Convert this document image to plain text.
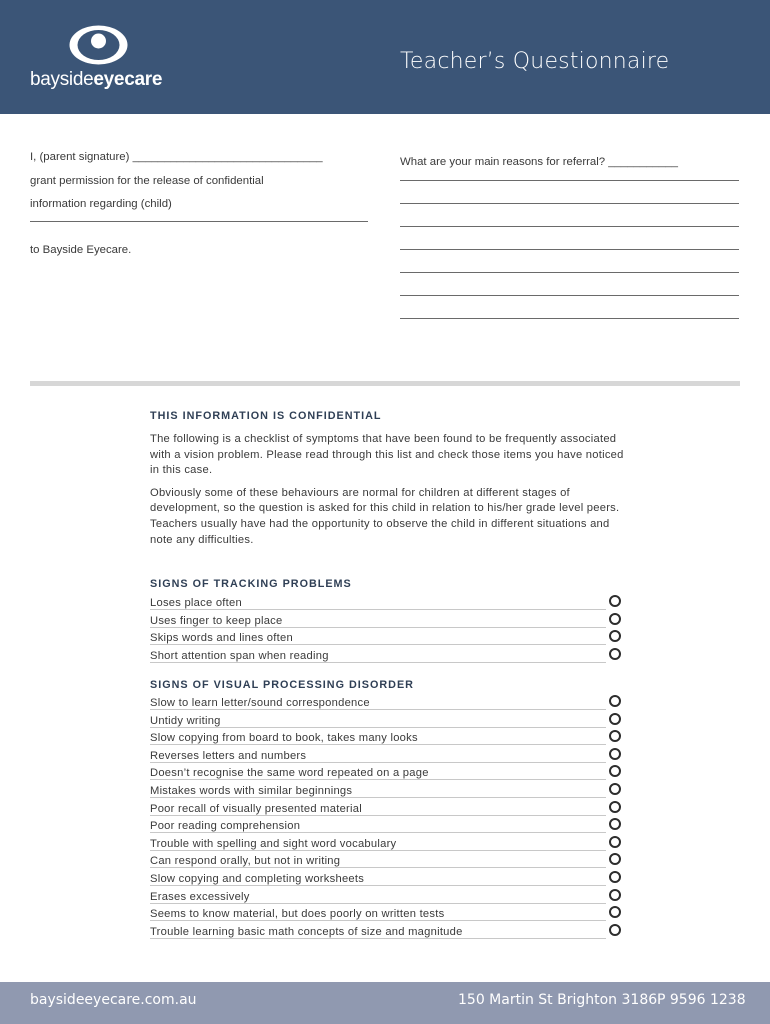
baysideeyecare
Teacher’s Questionnaire
I, (parent signature) ______________________________
grant permission for the release of confidential
information regarding (child)
to Bayside Eyecare.
What are your main reasons for referral? ___________
THIS INFORMATION IS CONFIDENTIAL
The following is a checklist of symptoms that have been found to be frequently associated with a vision problem. Please read through this list and check those items you have noticed in this case.
Obviously some of these behaviours are normal for children at different stages of development, so the question is asked for this child in relation to his/her grade level peers. Teachers usually have had the opportunity to observe the child in different situations and note any difficulties.
SIGNS OF TRACKING PROBLEMS
Loses place often
Uses finger to keep place
Skips words and lines often
Short attention span when reading
SIGNS OF VISUAL PROCESSING DISORDER
Slow to learn letter/sound correspondence
Untidy writing
Slow copying from board to book, takes many looks
Reverses letters and numbers
Doesn’t recognise the same word repeated on a page
Mistakes words with similar beginnings
Poor recall of visually presented material
Poor reading comprehension
Trouble with spelling and sight word vocabulary
Can respond orally, but not in writing
Slow copying and completing worksheets
Erases excessively
Seems to know material, but does poorly on written tests
Trouble learning basic math concepts of size and magnitude
baysideeyecare.com.au	150 Martin St Brighton 3186 P 9596 1238
